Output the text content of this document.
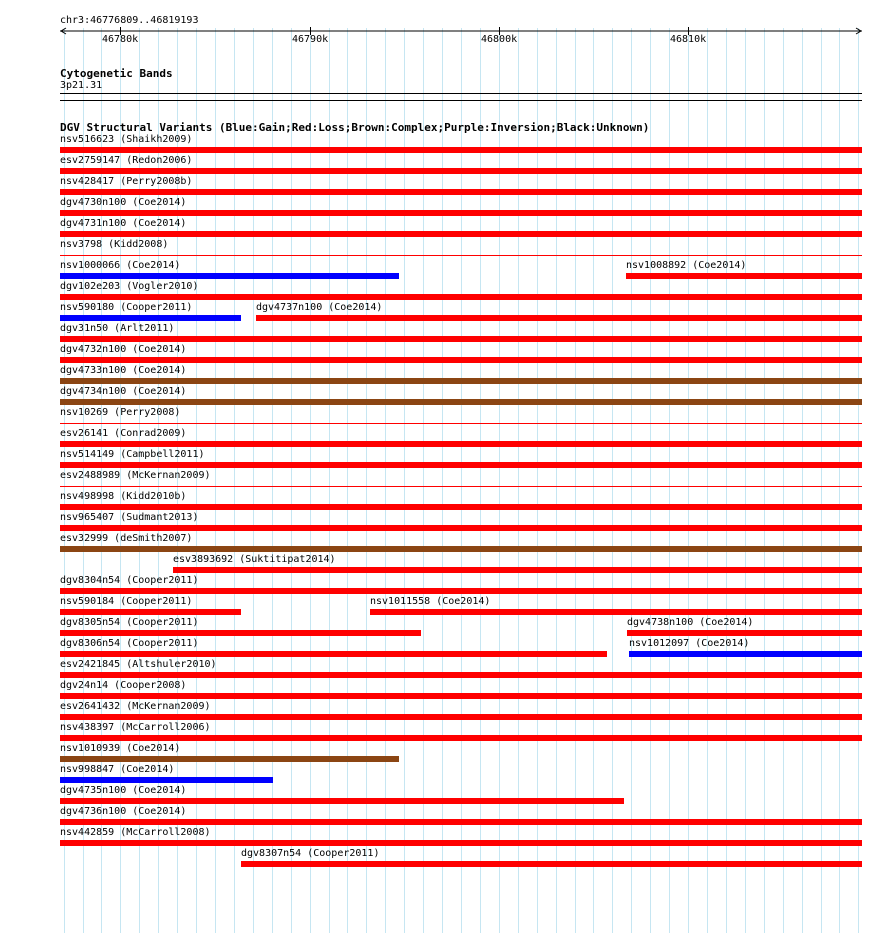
chr3:46776809..46819193
Cytogenetic Bands
3p21.31
DGV Structural Variants (Blue:Gain;Red:Loss;Brown:Complex;Purple:Inversion;Black:Unknown)
nsv516623 (Shaikh2009)
esv2759147 (Redon2006)
nsv428417 (Perry2008b)
dgv4730n100 (Coe2014)
dgv4731n100 (Coe2014)
nsv3798 (Kidd2008)
nsv1000066 (Coe2014)	nsv1008892 (Coe2014)
dgv102e203 (Vogler2010)
nsv590180 (Cooper2011)	dgv4737n100 (Coe2014)
dgv31n50 (Arlt2011)
dgv4732n100 (Coe2014)
dgv4733n100 (Coe2014)
dgv4734n100 (Coe2014)
nsv10269 (Perry2008)
esv26141 (Conrad2009)
nsv514149 (Campbell2011)
esv2488989 (McKernan2009)
nsv498998 (Kidd2010b)
nsv965407 (Sudmant2013)
esv32999 (deSmith2007)
esv3893692 (Suktitipat2014)
dgv8304n54 (Cooper2011)
nsv590184 (Cooper2011)	nsv1011558 (Coe2014)
dgv8305n54 (Cooper2011)	dgv4738n100 (Coe2014)
dgv8306n54 (Cooper2011)	nsv1012097 (Coe2014)
esv2421845 (Altshuler2010)
dgv24n14 (Cooper2008)
esv2641432 (McKernan2009)
nsv438397 (McCarroll2006)
nsv1010939 (Coe2014)
nsv998847 (Coe2014)
dgv4735n100 (Coe2014)
dgv4736n100 (Coe2014)
nsv442859 (McCarroll2008)
dgv8307n54 (Cooper2011)
46780k	46790k	46800k	46810k
